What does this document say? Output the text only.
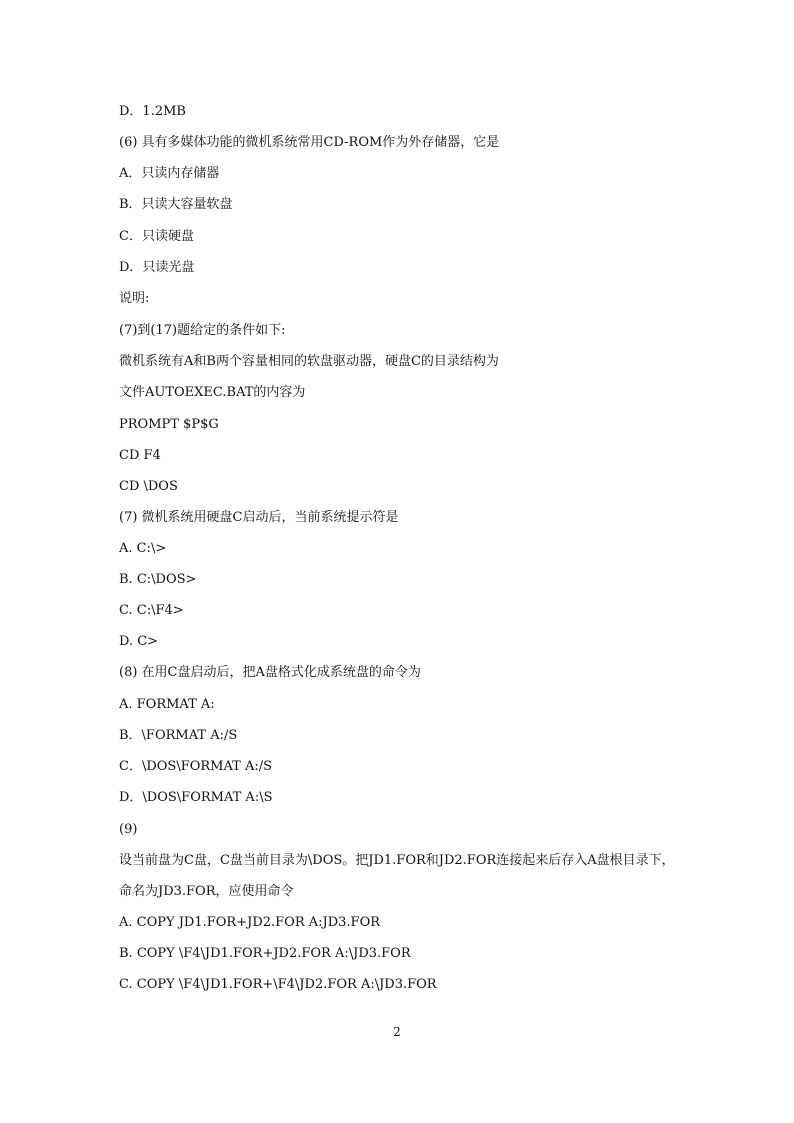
D．1.2MB
(6) 具有多媒体功能的微机系统常用CD-ROM作为外存储器，它是
A．只读内存储器
B．只读大容量软盘
C．只读硬盘
D．只读光盘
说明:
(7)到(17)题给定的条件如下:
微机系统有A和B两个容量相同的软盘驱动器，硬盘C的目录结构为
文件AUTOEXEC.BAT的内容为
PROMPT $P$G
CD F4
CD \DOS
(7) 微机系统用硬盘C启动后，当前系统提示符是
A. C:\>
B. C:\DOS>
C. C:\F4>
D. C>
(8) 在用C盘启动后，把A盘格式化成系统盘的命令为
A. FORMAT A:
B．\FORMAT A:/S
C．\DOS\FORMAT A:/S
D．\DOS\FORMAT A:\S
(9)
设当前盘为C盘，C盘当前目录为\DOS。把JD1.FOR和JD2.FOR连接起来后存入A盘根目录下，
命名为JD3.FOR，应使用命令
A. COPY JD1.FOR+JD2.FOR A:JD3.FOR
B. COPY \F4\JD1.FOR+JD2.FOR A:\JD3.FOR
C. COPY \F4\JD1.FOR+\F4\JD2.FOR A:\JD3.FOR
2
